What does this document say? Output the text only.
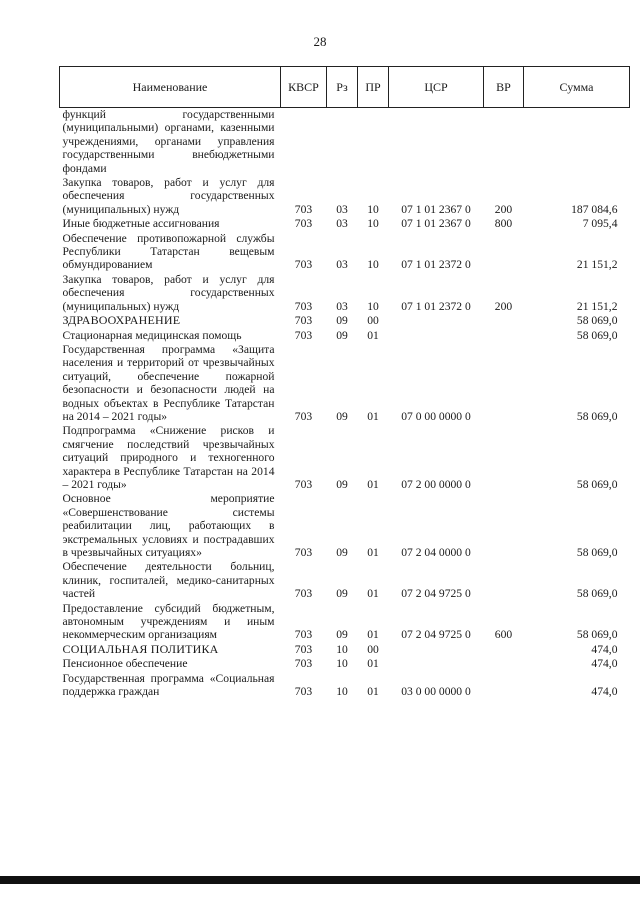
28
Наименование	КВСР	Рз	ПР	ЦСР	ВР	Сумма
функций государственными (муниципальными) органами, казенными учреждениями, органами управления государственными внебюджетными фондами						
Закупка товаров, работ и услуг для обеспечения государственных (муниципальных) нужд	703	03	10	07 1 01 2367 0	200	187 084,6
Иные бюджетные ассигнования	703	03	10	07 1 01 2367 0	800	7 095,4
Обеспечение противопожарной службы Республики Татарстан вещевым обмундированием	703	03	10	07 1 01 2372 0		21 151,2
Закупка товаров, работ и услуг для обеспечения государственных (муниципальных) нужд	703	03	10	07 1 01 2372 0	200	21 151,2
ЗДРАВООХРАНЕНИЕ	703	09	00			58 069,0
Стационарная медицинская помощь	703	09	01			58 069,0
Государственная программа «Защита населения и территорий от чрезвычайных ситуаций, обеспечение пожарной безопасности и безопасности людей на водных объектах в Республике Татарстан на 2014 – 2021 годы»	703	09	01	07 0 00 0000 0		58 069,0
Подпрограмма «Снижение рисков и смягчение последствий чрезвычайных ситуаций природного и техногенного характера в Республике Татарстан на 2014 – 2021 годы»	703	09	01	07 2 00 0000 0		58 069,0
Основное мероприятие «Совершенствование системы реабилитации лиц, работающих в экстремальных условиях и пострадавших в чрезвычайных ситуациях»	703	09	01	07 2 04 0000 0		58 069,0
Обеспечение деятельности больниц, клиник, госпиталей, медико-санитарных частей	703	09	01	07 2 04 9725 0		58 069,0
Предоставление субсидий бюджетным, автономным учреждениям и иным некоммерческим организациям	703	09	01	07 2 04 9725 0	600	58 069,0
СОЦИАЛЬНАЯ ПОЛИТИКА	703	10	00			474,0
Пенсионное обеспечение	703	10	01			474,0
Государственная программа «Социальная поддержка граждан	703	10	01	03 0 00 0000 0		474,0
